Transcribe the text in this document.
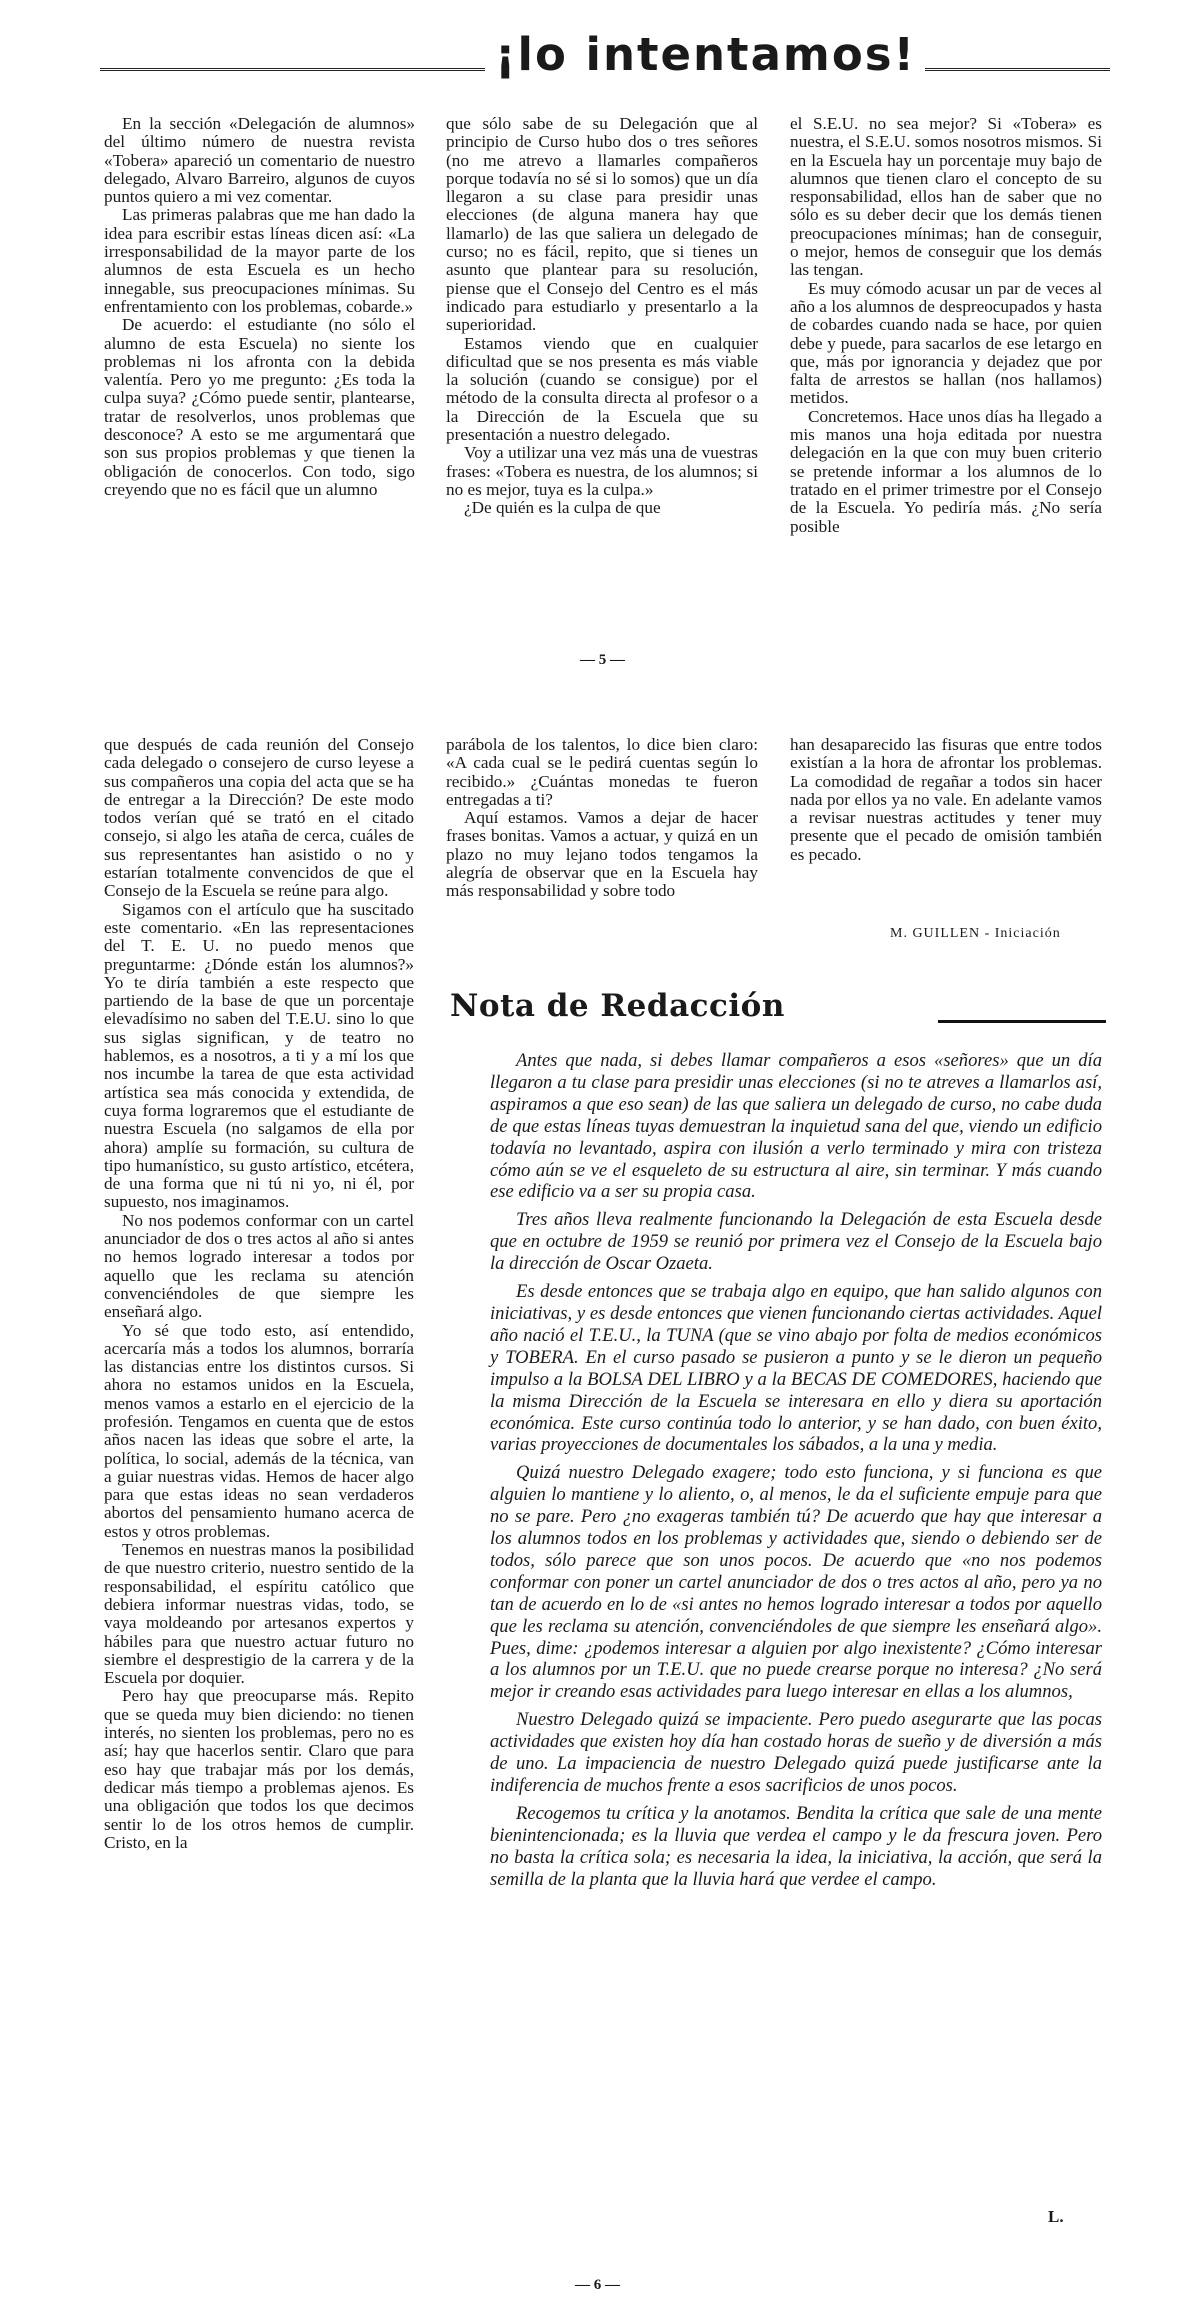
¡lo intentamos!

En la sección «Delegación de alumnos» del último número de nuestra revista «Tobera» apareció un comentario de nuestro delegado, Alvaro Barreiro, algunos de cuyos puntos quiero a mi vez comentar.

Las primeras palabras que me han dado la idea para escribir estas líneas dicen así: «La irresponsabilidad de la mayor parte de los alumnos de esta Escuela es un hecho innegable, sus preocupaciones mínimas. Su enfrentamiento con los problemas, cobarde.»

De acuerdo: el estudiante (no sólo el alumno de esta Escuela) no siente los problemas ni los afronta con la debida valentía. Pero yo me pregunto: ¿Es toda la culpa suya? ¿Cómo puede sentir, plantearse, tratar de resolverlos, unos problemas que desconoce? A esto se me argumentará que son sus propios problemas y que tienen la obligación de conocerlos. Con todo, sigo creyendo que no es fácil que un alumno

que sólo sabe de su Delegación que al principio de Curso hubo dos o tres señores (no me atrevo a llamarles compañeros porque todavía no sé si lo somos) que un día llegaron a su clase para presidir unas elecciones (de alguna manera hay que llamarlo) de las que saliera un delegado de curso; no es fácil, repito, que si tienes un asunto que plantear para su resolución, piense que el Consejo del Centro es el más indicado para estudiarlo y presentarlo a la superioridad.

Estamos viendo que en cualquier dificultad que se nos presenta es más viable la solución (cuando se consigue) por el método de la consulta directa al profesor o a la Dirección de la Escuela que su presentación a nuestro delegado.

Voy a utilizar una vez más una de vuestras frases: «Tobera es nuestra, de los alumnos; si no es mejor, tuya es la culpa.»

¿De quién es la culpa de que

el S.E.U. no sea mejor? Si «Tobera» es nuestra, el S.E.U. somos nosotros mismos. Si en la Escuela hay un porcentaje muy bajo de alumnos que tienen claro el concepto de su responsabilidad, ellos han de saber que no sólo es su deber decir que los demás tienen preocupaciones mínimas; han de conseguir, o mejor, hemos de conseguir que los demás las tengan.

Es muy cómodo acusar un par de veces al año a los alumnos de despreocupados y hasta de cobardes cuando nada se hace, por quien debe y puede, para sacarlos de ese letargo en que, más por ignorancia y dejadez que por falta de arrestos se hallan (nos hallamos) metidos.

Concretemos. Hace unos días ha llegado a mis manos una hoja editada por nuestra delegación en la que con muy buen criterio se pretende informar a los alumnos de lo tratado en el primer trimestre por el Consejo de la Escuela. Yo pediría más. ¿No sería posible

— 5 —

que después de cada reunión del Consejo cada delegado o consejero de curso leyese a sus compañeros una copia del acta que se ha de entregar a la Dirección? De este modo todos verían qué se trató en el citado consejo, si algo les ataña de cerca, cuáles de sus representantes han asistido o no y estarían totalmente convencidos de que el Consejo de la Escuela se reúne para algo.

Sigamos con el artículo que ha suscitado este comentario. «En las representaciones del T. E. U. no puedo menos que preguntarme: ¿Dónde están los alumnos?» Yo te diría también a este respecto que partiendo de la base de que un porcentaje elevadísimo no saben del T.E.U. sino lo que sus siglas significan, y de teatro no hablemos, es a nosotros, a ti y a mí los que nos incumbe la tarea de que esta actividad artística sea más conocida y extendida, de cuya forma lograremos que el estudiante de nuestra Escuela (no salgamos de ella por ahora) amplíe su formación, su cultura de tipo humanístico, su gusto artístico, etcétera, de una forma que ni tú ni yo, ni él, por supuesto, nos imaginamos.

No nos podemos conformar con un cartel anunciador de dos o tres actos al año si antes no hemos logrado interesar a todos por aquello que les reclama su atención convenciéndoles de que siempre les enseñará algo.

Yo sé que todo esto, así entendido, acercaría más a todos los alumnos, borraría las distancias entre los distintos cursos. Si ahora no estamos unidos en la Escuela, menos vamos a estarlo en el ejercicio de la profesión. Tengamos en cuenta que de estos años nacen las ideas que sobre el arte, la política, lo social, además de la técnica, van a guiar nuestras vidas. Hemos de hacer algo para que estas ideas no sean verdaderos abortos del pensamiento humano acerca de estos y otros problemas.

Tenemos en nuestras manos la posibilidad de que nuestro criterio, nuestro sentido de la responsabilidad, el espíritu católico que debiera informar nuestras vidas, todo, se vaya moldeando por artesanos expertos y hábiles para que nuestro actuar futuro no siembre el desprestigio de la carrera y de la Escuela por doquier.

Pero hay que preocuparse más. Repito que se queda muy bien diciendo: no tienen interés, no sienten los problemas, pero no es así; hay que hacerlos sentir. Claro que para eso hay que trabajar más por los demás, dedicar más tiempo a problemas ajenos. Es una obligación que todos los que decimos sentir lo de los otros hemos de cumplir. Cristo, en la

parábola de los talentos, lo dice bien claro: «A cada cual se le pedirá cuentas según lo recibido.» ¿Cuántas monedas te fueron entregadas a ti?

Aquí estamos. Vamos a dejar de hacer frases bonitas. Vamos a actuar, y quizá en un plazo no muy lejano todos tengamos la alegría de observar que en la Escuela hay más responsabilidad y sobre todo

han desaparecido las fisuras que entre todos existían a la hora de afrontar los problemas. La comodidad de regañar a todos sin hacer nada por ellos ya no vale. En adelante vamos a revisar nuestras actitudes y tener muy presente que el pecado de omisión también es pecado.

M. GUILLEN - Iniciación
Nota de Redacción

Antes que nada, si debes llamar compañeros a esos «señores» que un día llegaron a tu clase para presidir unas elecciones (si no te atreves a llamarlos así, aspiramos a que eso sean) de las que saliera un delegado de curso, no cabe duda de que estas líneas tuyas demuestran la inquietud sana del que, viendo un edificio todavía no levantado, aspira con ilusión a verlo terminado y mira con tristeza cómo aún se ve el esqueleto de su estructura al aire, sin terminar. Y más cuando ese edificio va a ser su propia casa.

Tres años lleva realmente funcionando la Delegación de esta Escuela desde que en octubre de 1959 se reunió por primera vez el Consejo de la Escuela bajo la dirección de Oscar Ozaeta.

Es desde entonces que se trabaja algo en equipo, que han salido algunos con iniciativas, y es desde entonces que vienen funcionando ciertas actividades. Aquel año nació el T.E.U., la TUNA (que se vino abajo por folta de medios económicos y TOBERA. En el curso pasado se pusieron a punto y se le dieron un pequeño impulso a la BOLSA DEL LIBRO y a la BECAS DE COMEDORES, haciendo que la misma Dirección de la Escuela se interesara en ello y diera su aportación económica. Este curso continúa todo lo anterior, y se han dado, con buen éxito, varias proyecciones de documentales los sábados, a la una y media.

Quizá nuestro Delegado exagere; todo esto funciona, y si funciona es que alguien lo mantiene y lo aliento, o, al menos, le da el suficiente empuje para que no se pare. Pero ¿no exageras también tú? De acuerdo que hay que interesar a los alumnos todos en los problemas y actividades que, siendo o debiendo ser de todos, sólo parece que son unos pocos. De acuerdo que «no nos podemos conformar con poner un cartel anunciador de dos o tres actos al año, pero ya no tan de acuerdo en lo de «si antes no hemos logrado interesar a todos por aquello que les reclama su atención, convenciéndoles de que siempre les enseñará algo». Pues, dime: ¿podemos interesar a alguien por algo inexistente? ¿Cómo interesar a los alumnos por un T.E.U. que no puede crearse porque no interesa? ¿No será mejor ir creando esas actividades para luego interesar en ellas a los alumnos,

Nuestro Delegado quizá se impaciente. Pero puedo asegurarte que las pocas actividades que existen hoy día han costado horas de sueño y de diversión a más de uno. La impaciencia de nuestro Delegado quizá puede justificarse ante la indiferencia de muchos frente a esos sacrificios de unos pocos.

Recogemos tu crítica y la anotamos. Bendita la crítica que sale de una mente bienintencionada; es la lluvia que verdea el campo y le da frescura joven. Pero no basta la crítica sola; es necesaria la idea, la iniciativa, la acción, que será la semilla de la planta que la lluvia hará que verdee el campo.

L.
— 6 —
